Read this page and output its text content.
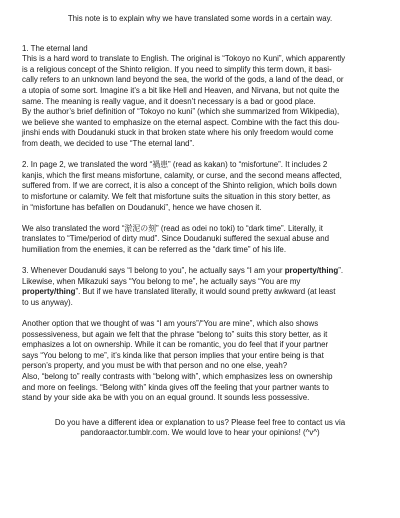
This note is to explain why we have translated some words in a certain way.
1. The eternal land
This is a hard word to translate to English. The original is “Tokoyo no Kuni”, which apparently
is a religious concept of the Shinto religion. If you need to simplify this term down, it basi-
cally refers to an unknown land beyond the sea, the world of the gods, a land of the dead, or
a utopia of some sort. Imagine it’s a bit like Hell and Heaven, and Nirvana, but not quite the
same. The meaning is really vague, and it doesn’t necessary is a bad or good place.
By the author’s brief definition of “Tokoyo no kuni” (which she summarized from Wikipedia),
we believe she wanted to emphasize on the eternal aspect. Combine with the fact this dou-
jinshi ends with Doudanuki stuck in that broken state where his only freedom would come
from death, we decided to use “The eternal land”.
2. In page 2, we translated the word “禍患” (read as kakan) to “misfortune”. It includes 2
kanjis, which the first means misfortune, calamity, or curse, and the second means affected,
suffered from. If we are correct, it is also a concept of the Shinto religion, which boils down
to misfortune or calamity. We felt that misfortune suits the situation in this story better, as
in “misfortune has befallen on Doudanuki”, hence we have chosen it.
We also translated the word “淤泥の刻” (read as odei no toki) to “dark time”. Literally, it
translates to “Time/period of dirty mud”. Since Doudanuki suffered the sexual abuse and
humiliation from the enemies, it can be referred as the “dark time” of his life.
3. Whenever Doudanuki says “I belong to you”, he actually says “I am your property/thing”.
Likewise, when Mikazuki says “You belong to me”, he actually says “You are my
property/thing”. But if we have translated literally, it would sound pretty awkward (at least
to us anyway).
Another option that we thought of was “I am yours”/“You are mine”, which also shows
possessiveness, but again we felt that the phrase “belong to” suits this story better, as it
emphasizes a lot on ownership. While it can be romantic, you do feel that if your partner
says “You belong to me”, it’s kinda like that person implies that your entire being is that
person’s property, and you must be with that person and no one else, yeah?
Also, “belong to” really contrasts with “belong with”, which emphasizes less on ownership
and more on feelings. “Belong with” kinda gives off the feeling that your partner wants to
stand by your side aka be with you on an equal ground. It sounds less possessive.
Do you have a different idea or explanation to us? Please feel free to contact us via
pandoraactor.tumblr.com. We would love to hear your opinions! (^v^)
